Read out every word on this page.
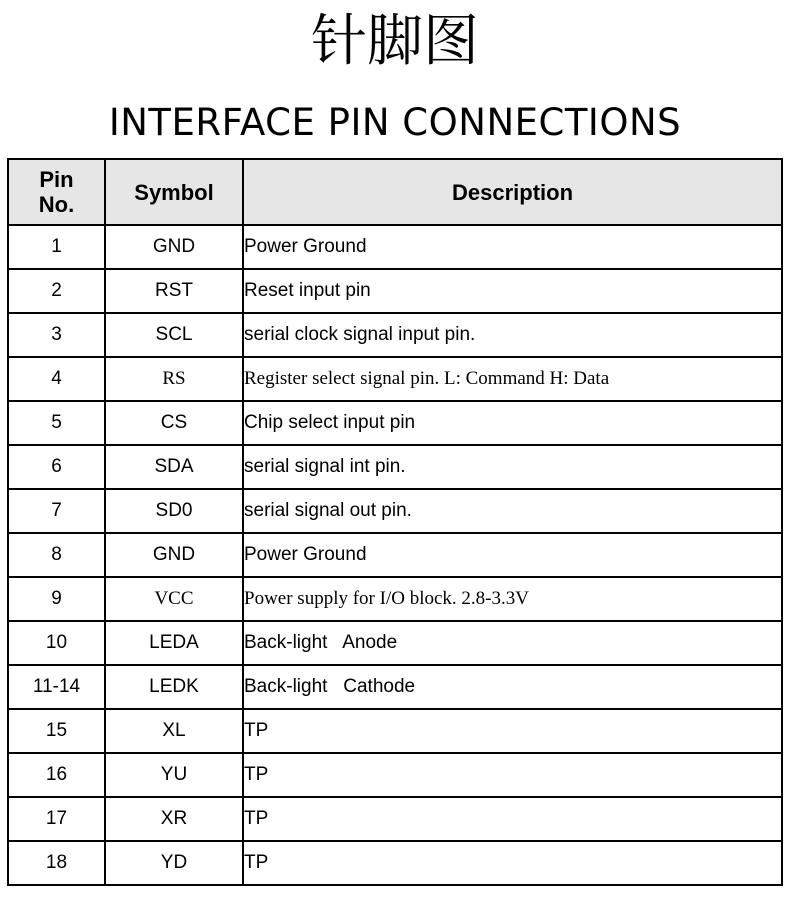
针脚图
INTERFACE PIN CONNECTIONS
Pin
No.	Symbol	Description
1	GND	Power Ground
2	RST	Reset input pin
3	SCL	serial clock signal input pin.
4	RS	Register select signal pin. L: Command H: Data
5	CS	Chip select input pin
6	SDA	serial signal int pin.
7	SD0	serial signal out pin.
8	GND	Power Ground
9	VCC	Power supply for I/O block. 2.8-3.3V
10	LEDA	Back-light   Anode
11-14	LEDK	Back-light   Cathode
15	XL	TP
16	YU	TP
17	XR	TP
18	YD	TP
